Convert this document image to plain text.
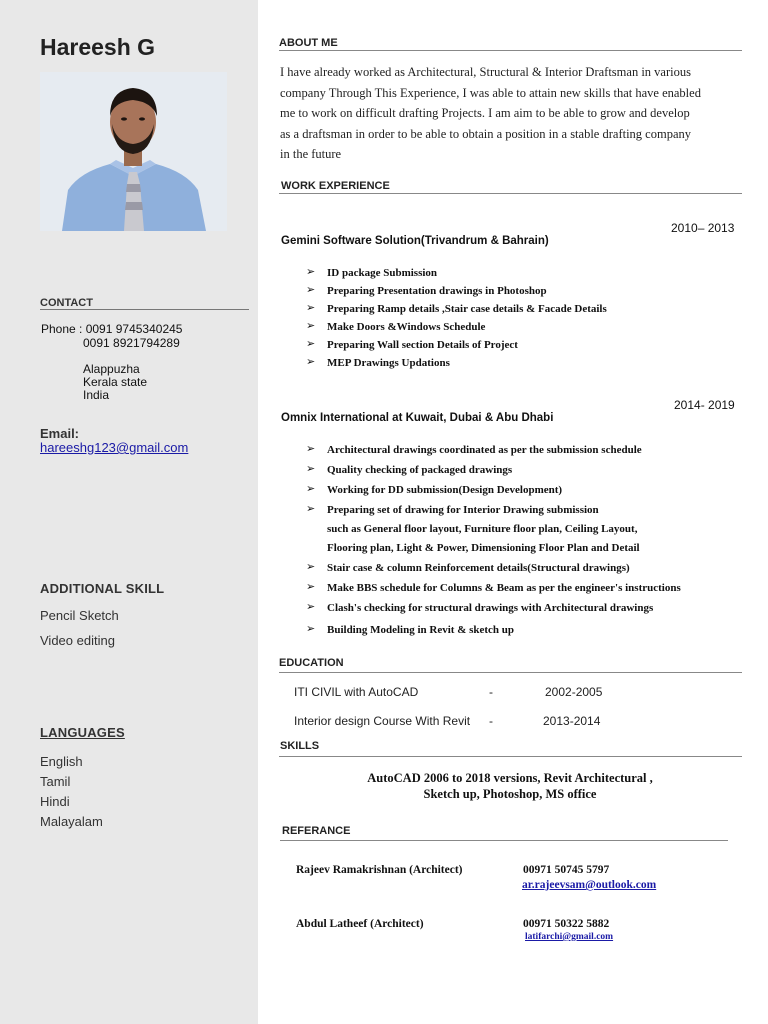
Hareesh G
CONTACT
Phone : 0091 9745340245
0091 8921794289
Alappuzha
Kerala state
India
Email:
hareeshg123@gmail.com
ADDITIONAL SKILL
Pencil Sketch
Video editing
LANGUAGES
English
Tamil
Hindi
Malayalam
ABOUT ME
I have already worked as Architectural, Structural & Interior Draftsman in various
company Through This Experience, I was able to attain new skills that have enabled
me to work on difficult drafting Projects. I am aim to be able to grow and develop
as a draftsman in order to be able to obtain a position in a stable drafting company
in the future
WORK EXPERIENCE
2010– 2013
Gemini Software Solution(Trivandrum & Bahrain)
➢ ID package Submission
➢ Preparing Presentation drawings in Photoshop
➢ Preparing Ramp details ,Stair case details & Facade Details
➢ Make Doors &Windows Schedule
➢ Preparing Wall section Details of Project
➢ MEP Drawings Updations
2014- 2019
Omnix International at Kuwait, Dubai & Abu Dhabi
➢ Architectural drawings coordinated as per the submission schedule
➢ Quality checking of packaged drawings
➢ Working for DD submission(Design Development)
➢ Preparing set of drawing for Interior Drawing submission
such as General floor layout, Furniture floor plan, Ceiling Layout,
Flooring plan, Light & Power, Dimensioning Floor Plan and Detail
➢ Stair case & column Reinforcement details(Structural drawings)
➢ Make BBS schedule for Columns & Beam as per the engineer's instructions
➢ Clash's checking for structural drawings with Architectural drawings
➢ Building Modeling in Revit & sketch up
EDUCATION
ITI CIVIL with AutoCAD	-	2002-2005
Interior design Course With Revit -	2013-2014
SKILLS
AutoCAD 2006 to 2018 versions, Revit Architectural ,
Sketch up, Photoshop, MS office
REFERANCE
Rajeev Ramakrishnan (Architect)	00971 50745 5797
ar.rajeevsam@outlook.com
Abdul Latheef (Architect)	00971 50322 5882
latifarchi@gmail.com
